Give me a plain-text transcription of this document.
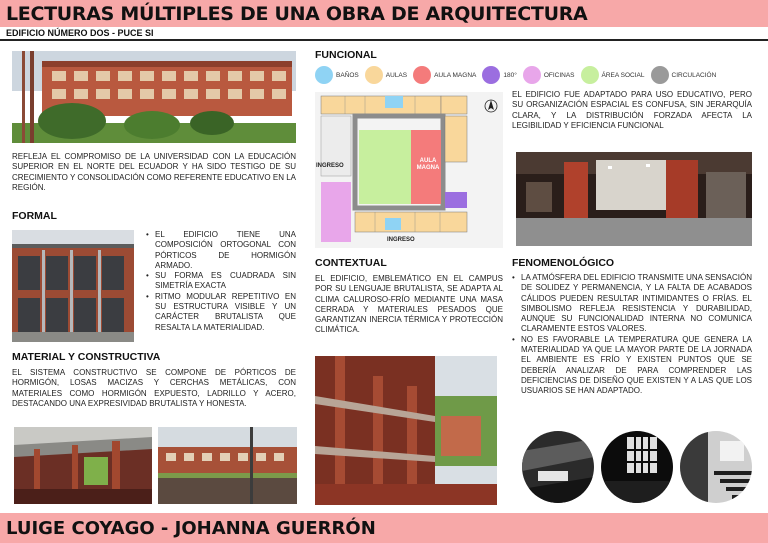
LECTURAS MÚLTIPLES DE UNA OBRA DE ARQUITECTURA
EDIFICIO NÚMERO DOS - PUCE SI
REFLEJA EL COMPROMISO DE LA UNIVERSIDAD CON LA EDUCACIÓN SUPERIOR EN EL NORTE DEL ECUADOR Y HA SIDO TESTIGO DE SU CRECIMIENTO Y CONSOLIDACIÓN COMO REFERENTE EDUCATIVO EN LA REGIÓN.
FORMAL
• EL EDIFICIO TIENE UNA COMPOSICIÓN ORTOGONAL CON PÓRTICOS DE HORMIGÓN ARMADO.
• SU FORMA ES CUADRADA SIN SIMETRÍA EXACTA
• RITMO MODULAR REPETITIVO EN SU ESTRUCTURA VISIBLE Y UN CARÁCTER BRUTALISTA QUE RESALTA LA MATERIALIDAD.
MATERIAL Y CONSTRUCTIVA
EL SISTEMA CONSTRUCTIVO SE COMPONE DE PÓRTICOS DE HORMIGÓN, LOSAS MACIZAS Y CERCHAS METÁLICAS, CON MATERIALES COMO HORMIGÓN EXPUESTO, LADRILLO Y ACERO, DESTACANDO UNA EXPRESIVIDAD BRUTALISTA Y HONESTA.
FUNCIONAL
BAÑOS	AULAS	AULA MAGNA	180°	OFICINAS	ÁREA SOCIAL	CIRCULACIÓN
INGRESO
INGRESO
AULA MAGNA
EL EDIFICIO FUE ADAPTADO PARA USO EDUCATIVO, PERO SU ORGANIZACIÓN ESPACIAL ES CONFUSA, SIN JERARQUÍA CLARA, Y LA DISTRIBUCIÓN FORZADA AFECTA LA LEGIBILIDAD Y EFICIENCIA FUNCIONAL
CONTEXTUAL
EL EDIFICIO, EMBLEMÁTICO EN EL CAMPUS POR SU LENGUAJE BRUTALISTA, SE ADAPTA AL CLIMA CALUROSO-FRÍO MEDIANTE UNA MASA CERRADA Y MATERIALES PESADOS QUE GARANTIZAN INERCIA TÉRMICA Y PROTECCIÓN CLIMÁTICA.
FENOMENOLÓGICO
• LA ATMÓSFERA DEL EDIFICIO TRANSMITE UNA SENSACIÓN DE SOLIDEZ Y PERMANENCIA, Y LA FALTA DE ACABADOS CÁLIDOS PUEDEN RESULTAR INTIMIDANTES O FRÍAS. EL SIMBOLISMO REFLEJA RESISTENCIA Y DURABILIDAD, AUNQUE SU FUNCIONALIDAD INTERNA NO COMUNICA CLARAMENTE ESTOS VALORES.
• NO ES FAVORABLE LA TEMPERATURA QUE GENERA LA MATERIALIDAD YA QUE LA MAYOR PARTE DE LA JORNADA EL AMBIENTE ES FRÍO Y EXISTEN PUNTOS QUE SE DEBERÍA ANALIZAR DE PARA COMPRENDER LAS DEFICIENCIAS DE DISEÑO QUE EXISTEN Y A LAS QUE LOS USUARIOS SE HAN ADAPTADO.
LUIGE COYAGO - JOHANNA GUERRÓN
